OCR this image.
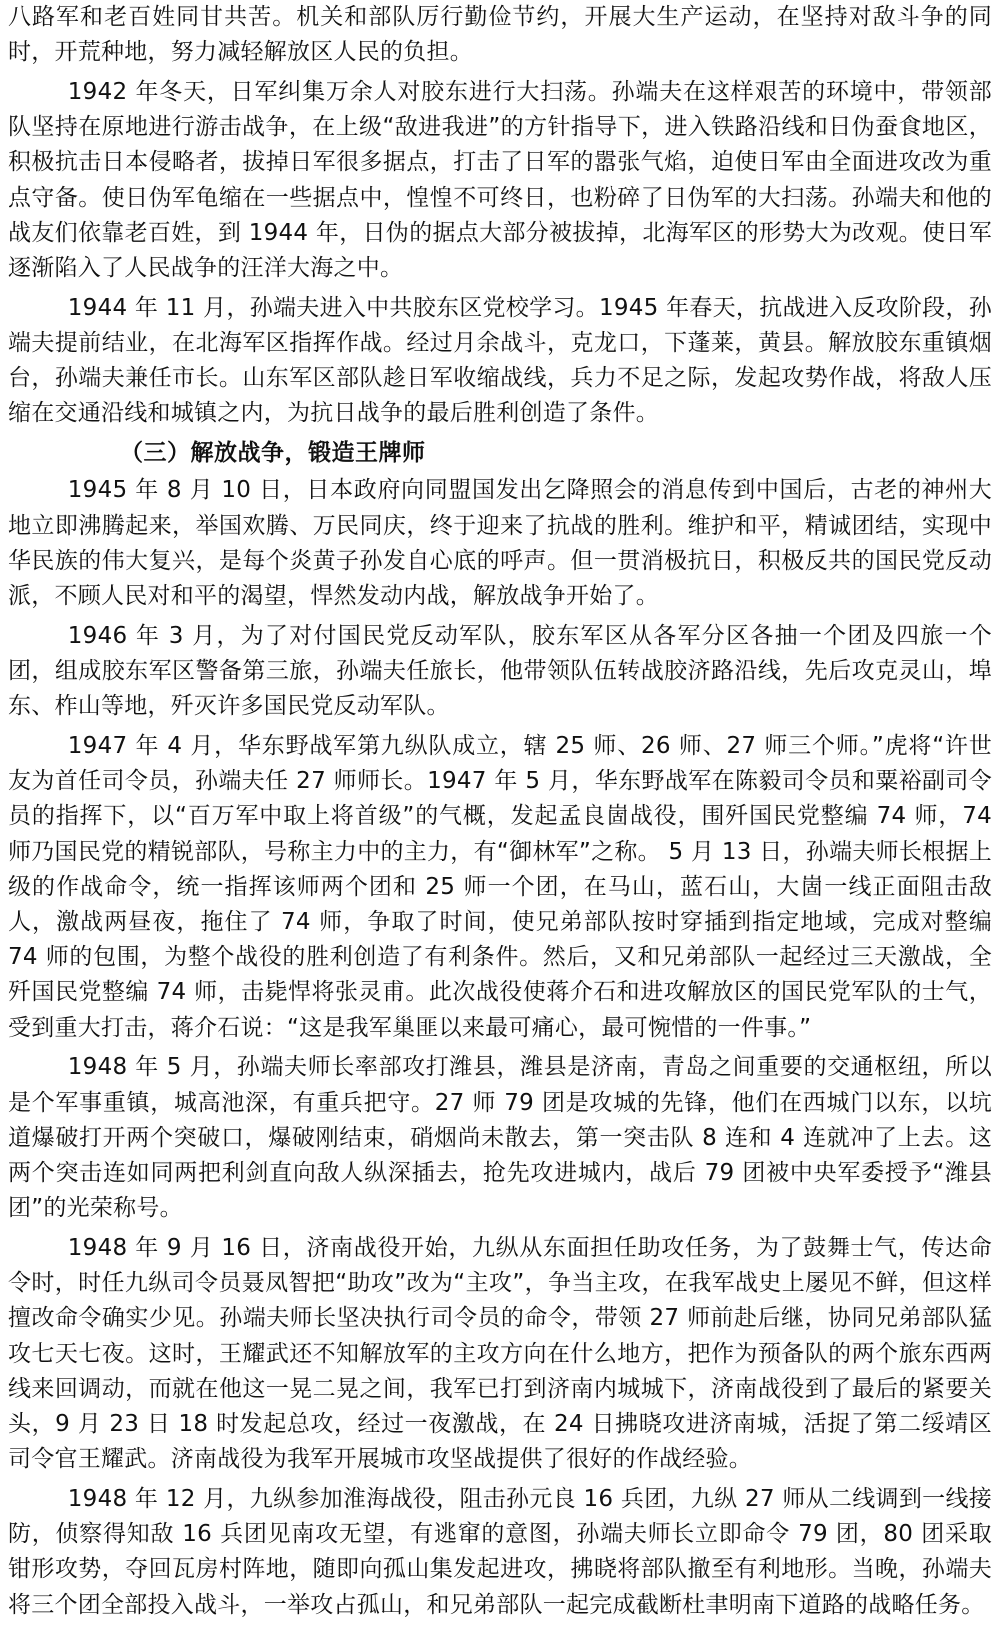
八路军和老百姓同甘共苦。机关和部队厉行勤俭节约，开展大生产运动，在坚持对敌斗争的同时，开荒种地，努力减轻解放区人民的负担。

1942 年冬天，日军纠集万余人对胶东进行大扫荡。孙端夫在这样艰苦的环境中，带领部队坚持在原地进行游击战争，在上级“敌进我进”的方针指导下，进入铁路沿线和日伪蚕食地区，积极抗击日本侵略者，拔掉日军很多据点，打击了日军的嚣张气焰，迫使日军由全面进攻改为重点守备。使日伪军龟缩在一些据点中，惶惶不可终日，也粉碎了日伪军的大扫荡。孙端夫和他的战友们依靠老百姓，到 1944 年，日伪的据点大部分被拔掉，北海军区的形势大为改观。使日军逐渐陷入了人民战争的汪洋大海之中。

1944 年 11 月，孙端夫进入中共胶东区党校学习。1945 年春天，抗战进入反攻阶段，孙端夫提前结业，在北海军区指挥作战。经过月余战斗，克龙口，下蓬莱，黄县。解放胶东重镇烟台，孙端夫兼任市长。山东军区部队趁日军收缩战线，兵力不足之际，发起攻势作战，将敌人压缩在交通沿线和城镇之内，为抗日战争的最后胜利创造了条件。

（三）解放战争，锻造王牌师

1945 年 8 月 10 日，日本政府向同盟国发出乞降照会的消息传到中国后，古老的神州大地立即沸腾起来，举国欢腾、万民同庆，终于迎来了抗战的胜利。维护和平，精诚团结，实现中华民族的伟大复兴，是每个炎黄子孙发自心底的呼声。但一贯消极抗日，积极反共的国民党反动派，不顾人民对和平的渴望，悍然发动内战，解放战争开始了。

1946 年 3 月，为了对付国民党反动军队，胶东军区从各军分区各抽一个团及四旅一个团，组成胶东军区警备第三旅，孙端夫任旅长，他带领队伍转战胶济路沿线，先后攻克灵山，埠东、柞山等地，歼灭许多国民党反动军队。

1947 年 4 月，华东野战军第九纵队成立，辖 25 师、26 师、27 师三个师。”虎将“许世友为首任司令员，孙端夫任 27 师师长。1947 年 5 月，华东野战军在陈毅司令员和粟裕副司令员的指挥下，以“百万军中取上将首级”的气概，发起孟良崮战役，围歼国民党整编 74 师，74 师乃国民党的精锐部队，号称主力中的主力，有“御林军”之称。 5 月 13 日，孙端夫师长根据上级的作战命令，统一指挥该师两个团和 25 师一个团，在马山，蓝石山，大崮一线正面阻击敌人，激战两昼夜，拖住了 74 师，争取了时间，使兄弟部队按时穿插到指定地域，完成对整编 74 师的包围，为整个战役的胜利创造了有利条件。然后，又和兄弟部队一起经过三天激战，全歼国民党整编 74 师，击毙悍将张灵甫。此次战役使蒋介石和进攻解放区的国民党军队的士气，受到重大打击，蒋介石说：“这是我军巢匪以来最可痛心，最可惋惜的一件事。”

1948 年 5 月，孙端夫师长率部攻打潍县，潍县是济南，青岛之间重要的交通枢纽，所以是个军事重镇，城高池深，有重兵把守。27 师 79 团是攻城的先锋，他们在西城门以东，以坑道爆破打开两个突破口，爆破刚结束，硝烟尚未散去，第一突击队 8 连和 4 连就冲了上去。这两个突击连如同两把利剑直向敌人纵深插去，抢先攻进城内，战后 79 团被中央军委授予“潍县团”的光荣称号。

1948 年 9 月 16 日，济南战役开始，九纵从东面担任助攻任务，为了鼓舞士气，传达命令时，时任九纵司令员聂凤智把“助攻”改为“主攻”，争当主攻，在我军战史上屡见不鲜，但这样擅改命令确实少见。孙端夫师长坚决执行司令员的命令，带领 27 师前赴后继，协同兄弟部队猛攻七天七夜。这时，王耀武还不知解放军的主攻方向在什么地方，把作为预备队的两个旅东西两线来回调动，而就在他这一晃二晃之间，我军已打到济南内城城下，济南战役到了最后的紧要关头，9 月 23 日 18 时发起总攻，经过一夜激战，在 24 日拂晓攻进济南城，活捉了第二绥靖区司令官王耀武。济南战役为我军开展城市攻坚战提供了很好的作战经验。

1948 年 12 月，九纵参加淮海战役，阻击孙元良 16 兵团，九纵 27 师从二线调到一线接防，侦察得知敌 16 兵团见南攻无望，有逃窜的意图，孙端夫师长立即命令 79 团，80 团采取钳形攻势，夺回瓦房村阵地，随即向孤山集发起进攻，拂晓将部队撤至有利地形。当晚，孙端夫将三个团全部投入战斗，一举攻占孤山，和兄弟部队一起完成截断杜聿明南下道路的战略任务。
